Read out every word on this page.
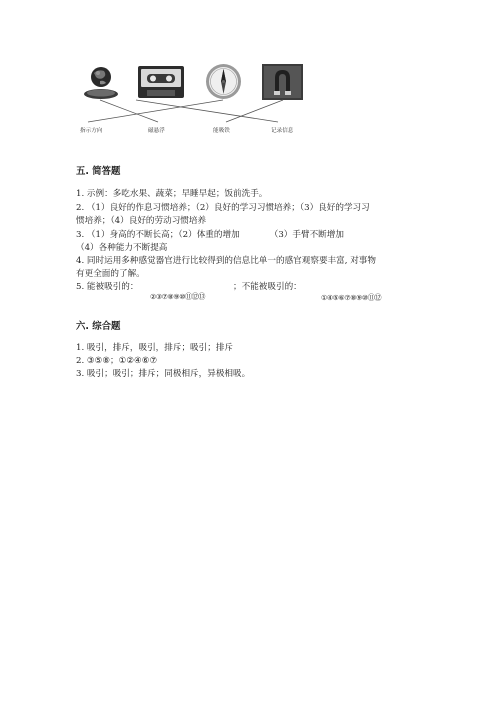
指示方向	磁悬浮	能吸铁	记录信息
五. 简答题
1. 示例：多吃水果、蔬菜；早睡早起；饭前洗手。
2. （1）良好的作息习惯培养；（2）良好的学习习惯培养；（3）良好的学习习
惯培养；（4）良好的劳动习惯培养
3. （1）身高的不断长高；（2）体重的增加　　　　（3）手臂不断增加
（4）各种能力不断提高
4. 同时运用多种感觉器官进行比较得到的信息比单一的感官观察要丰富, 对事物
有更全面的了解。
5. 能被吸引的：	；不能被吸引的：
②③⑦⑧⑨⑩⑪⑫⑬	①④⑤⑥⑦⑧⑨⑩⑪⑫
六. 综合题
1. 吸引，排斥，吸引，排斥；吸引；排斥
2. ③⑤⑧；①②④⑥⑦
3. 吸引；吸引；排斥；同极相斥，异极相吸。
